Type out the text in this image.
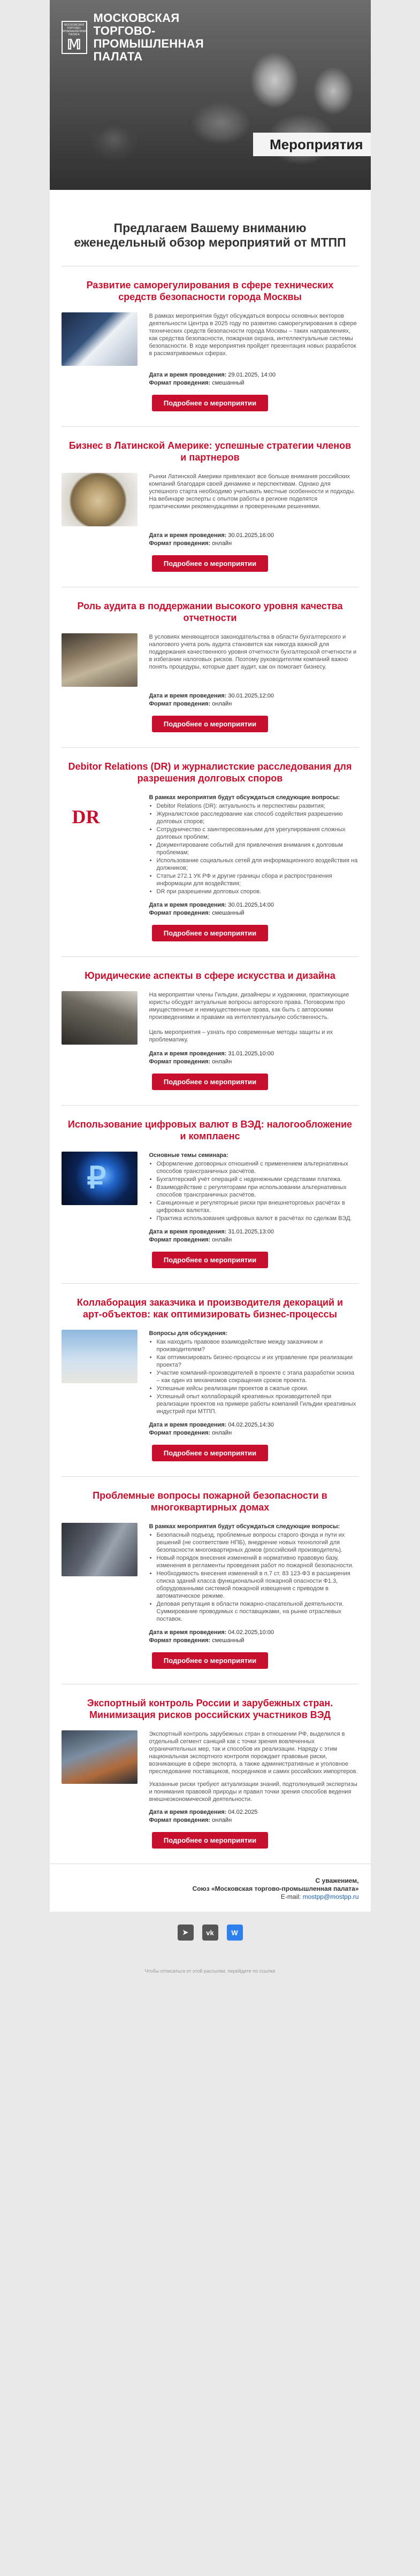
МОСКОВСКАЯ ТОРГОВО-ПРОМЫШЛЕННАЯ ПАЛАТА
𝕄
МОСКОВСКАЯ ТОРГОВО-ПРОМЫШЛЕННАЯ ПАЛАТА
Мероприятия
Предлагаем Вашему вниманию еженедельный обзор мероприятий от МТПП
Развитие саморегулирования в сфере технических средств безопасности города Москвы
В рамках мероприятия будут обсуждаться вопросы основных векторов деятельности Центра в 2025 году по развитию саморегулирования в сфере технических средств безопасности города Москвы – таких направлениях, как средства безопасности, пожарная охрана, интеллектуальные системы безопасности. В ходе мероприятия пройдет презентация новых разработок в рассматриваемых сферах.
Дата и время проведения: 29.01.2025, 14:00
Формат проведения: смешанный
Подробнее о мероприятии
Бизнес в Латинской Америке: успешные стратегии членов и партнеров
Рынки Латинской Америки привлекают все больше внимания российских компаний благодаря своей динамике и перспективам. Однако для успешного старта необходимо учитывать местные особенности и подходы. На вебинаре эксперты с опытом работы в регионе поделятся практическими рекомендациями и проверенными решениями.
Дата и время проведения: 30.01.2025,16:00
Формат проведения: онлайн
Подробнее о мероприятии
Роль аудита в поддержании высокого уровня качества отчетности
В условиях меняющегося законодательства в области бухгалтерского и налогового учета роль аудита становится как никогда важной для поддержания качественного уровня отчетности бухгалтерской отчетности и в избегании налоговых рисков. Поэтому руководителям компаний важно понять процедуры, которые дает аудит, как он помогает бизнесу.
Дата и время проведения: 30.01.2025,12:00
Формат проведения: онлайн
Подробнее о мероприятии
Debitor Relations (DR) и журналистские расследования для разрешения долговых споров
DR
В рамках мероприятия будут обсуждаться следующие вопросы:
• Debitor Relations (DR): актуальность и перспективы развития;
• Журналистское расследование как способ содействия разрешению долговых споров;
• Сотрудничество с заинтересованными для урегулирования сложных долговых проблем;
• Документирование событий для привлечения внимания к долговым проблемам;
• Использование социальных сетей для информационного воздействия на должников;
• Статьи 272.1 УК РФ и другие границы сбора и распространения информации для воздействия;
• DR при разрешении долговых споров.
Дата и время проведения: 30.01.2025,14:00
Формат проведения: смешанный
Подробнее о мероприятии
Юридические аспекты в сфере искусства и дизайна
На мероприятии члены Гильдии, дизайнеры и художники, практикующие юристы обсудят актуальные вопросы авторского права. Поговорим про имущественные и неимущественные права, как быть с авторскими произведениями и правами на интеллектуальную собственность.
Цель мероприятия – узнать про современные методы защиты и их проблематику.
Дата и время проведения: 31.01.2025,10:00
Формат проведения: онлайн
Подробнее о мероприятии
Использование цифровых валют в ВЭД: налогообложение и комплаенс
₽
Основные темы семинара:
• Оформление договорных отношений с применением альтернативных способов трансграничных расчётов.
• Бухгалтерский учёт операций с неденежными средствами платежа.
• Взаимодействие с регуляторами при использовании альтернативных способов трансграничных расчётов.
• Санкционные и регуляторные риски при внешнеторговых расчётах в цифровых валютах.
• Практика использования цифровых валют в расчётах по сделкам ВЭД.
Дата и время проведения: 31.01.2025,13:00
Формат проведения: онлайн
Подробнее о мероприятии
Коллаборация заказчика и производителя декораций и арт-объектов: как оптимизировать бизнес-процессы
Вопросы для обсуждения:
• Как находить правовое взаимодействие между заказчиком и производителем?
• Как оптимизировать бизнес-процессы и их управление при реализации проекта?
• Участие компаний-производителей в проекте с этапа разработки эскиза – как один из механизмов сокращения сроков проекта.
• Успешные кейсы реализации проектов в сжатые сроки.
• Успешный опыт коллабораций креативных производителей при реализации проектов на примере работы компаний Гильдии креативных индустрий при МТПП.
Дата и время проведения: 04.02.2025,14:30
Формат проведения: онлайн
Подробнее о мероприятии
Проблемные вопросы пожарной безопасности в многоквартирных домах
В рамках мероприятия будут обсуждаться следующие вопросы:
• Безопасный подъезд, проблемные вопросы старого фонда и пути их решений (не соответствие НПБ), внедрение новых технологий для безопасности многоквартирных домов (российский производитель).
• Новый порядок внесения изменений в нормативно правовую базу, изменения в регламенты проведения работ по пожарной безопасности.
• Необходимость внесения изменений в п.7 ст. 83 123-ФЗ в расширения списка зданий класса функциональной пожарной опасности Ф1.3, оборудованными системой пожарной извещения с приводом в автоматическое режиме.
• Деловая репутация в области пожарно-спасательной деятельности. Суммирование проводимых с поставщиками, на рынке отраслевых поставок.
Дата и время проведения: 04.02.2025,10:00
Формат проведения: смешанный
Подробнее о мероприятии
Экспортный контроль России и зарубежных стран. Минимизация рисков российских участников ВЭД
Экспортный контроль зарубежных стран в отношении РФ, выделился в отдельный сегмент санкций как с точки зрения вовлеченных ограничительных мер, так и способов их реализации. Наряду с этим национальная экспортного контроля порождает правовые риски, возникающие в сфере экспорта, а также административные и уголовное преследование поставщиков, посредников и самих российских импортеров.
Указанные риски требуют актуализации знаний, подтолкнувшей экспертизы и понимания правовой природы и правил точки зрения способов ведения внешнеэкономической деятельности.
Дата и время проведения: 04.02.2025
Формат проведения: онлайн
Подробнее о мероприятии
С уважением,
Союз «Московская торгово-промышленная палата»
E-mail: mostpp@mostpp.ru
➤	vk	W
Чтобы отписаться от этой рассылки, перейдите по ссылке
